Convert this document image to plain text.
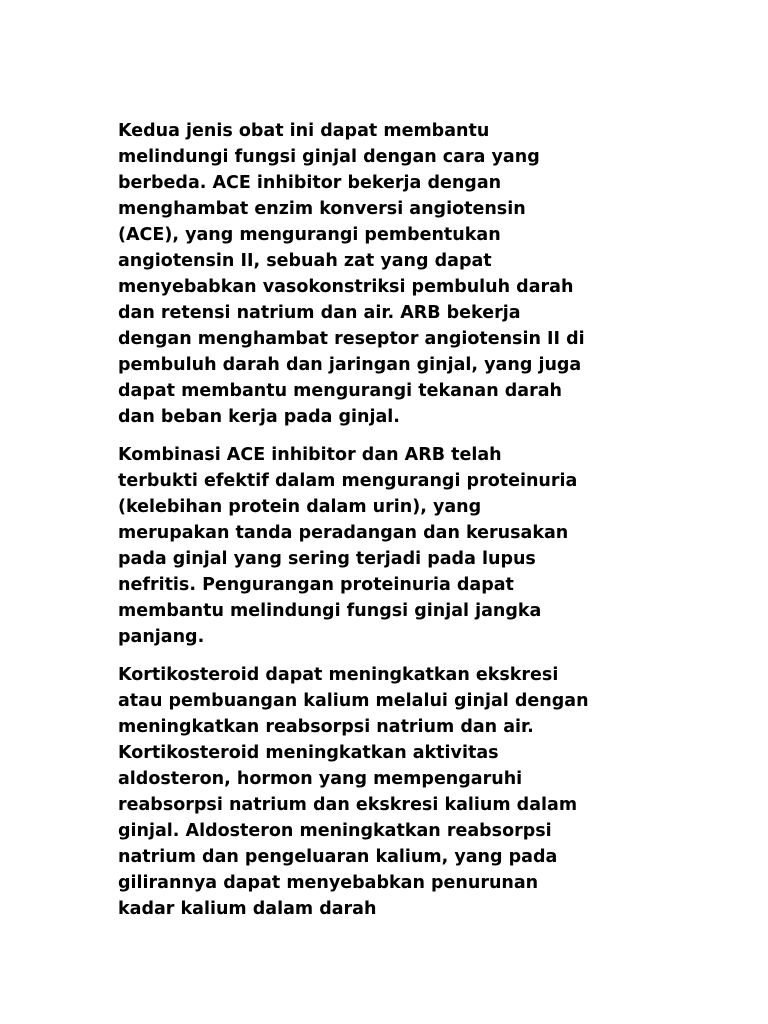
Kedua jenis obat ini dapat membantu
melindungi fungsi ginjal dengan cara yang
berbeda. ACE inhibitor bekerja dengan
menghambat enzim konversi angiotensin
(ACE), yang mengurangi pembentukan
angiotensin II, sebuah zat yang dapat
menyebabkan vasokonstriksi pembuluh darah
dan retensi natrium dan air. ARB bekerja
dengan menghambat reseptor angiotensin II di
pembuluh darah dan jaringan ginjal, yang juga
dapat membantu mengurangi tekanan darah
dan beban kerja pada ginjal.

Kombinasi ACE inhibitor dan ARB telah
terbukti efektif dalam mengurangi proteinuria
(kelebihan protein dalam urin), yang
merupakan tanda peradangan dan kerusakan
pada ginjal yang sering terjadi pada lupus
nefritis. Pengurangan proteinuria dapat
membantu melindungi fungsi ginjal jangka
panjang.

Kortikosteroid dapat meningkatkan ekskresi
atau pembuangan kalium melalui ginjal dengan
meningkatkan reabsorpsi natrium dan air.
Kortikosteroid meningkatkan aktivitas
aldosteron, hormon yang mempengaruhi
reabsorpsi natrium dan ekskresi kalium dalam
ginjal. Aldosteron meningkatkan reabsorpsi
natrium dan pengeluaran kalium, yang pada
gilirannya dapat menyebabkan penurunan
kadar kalium dalam darah
